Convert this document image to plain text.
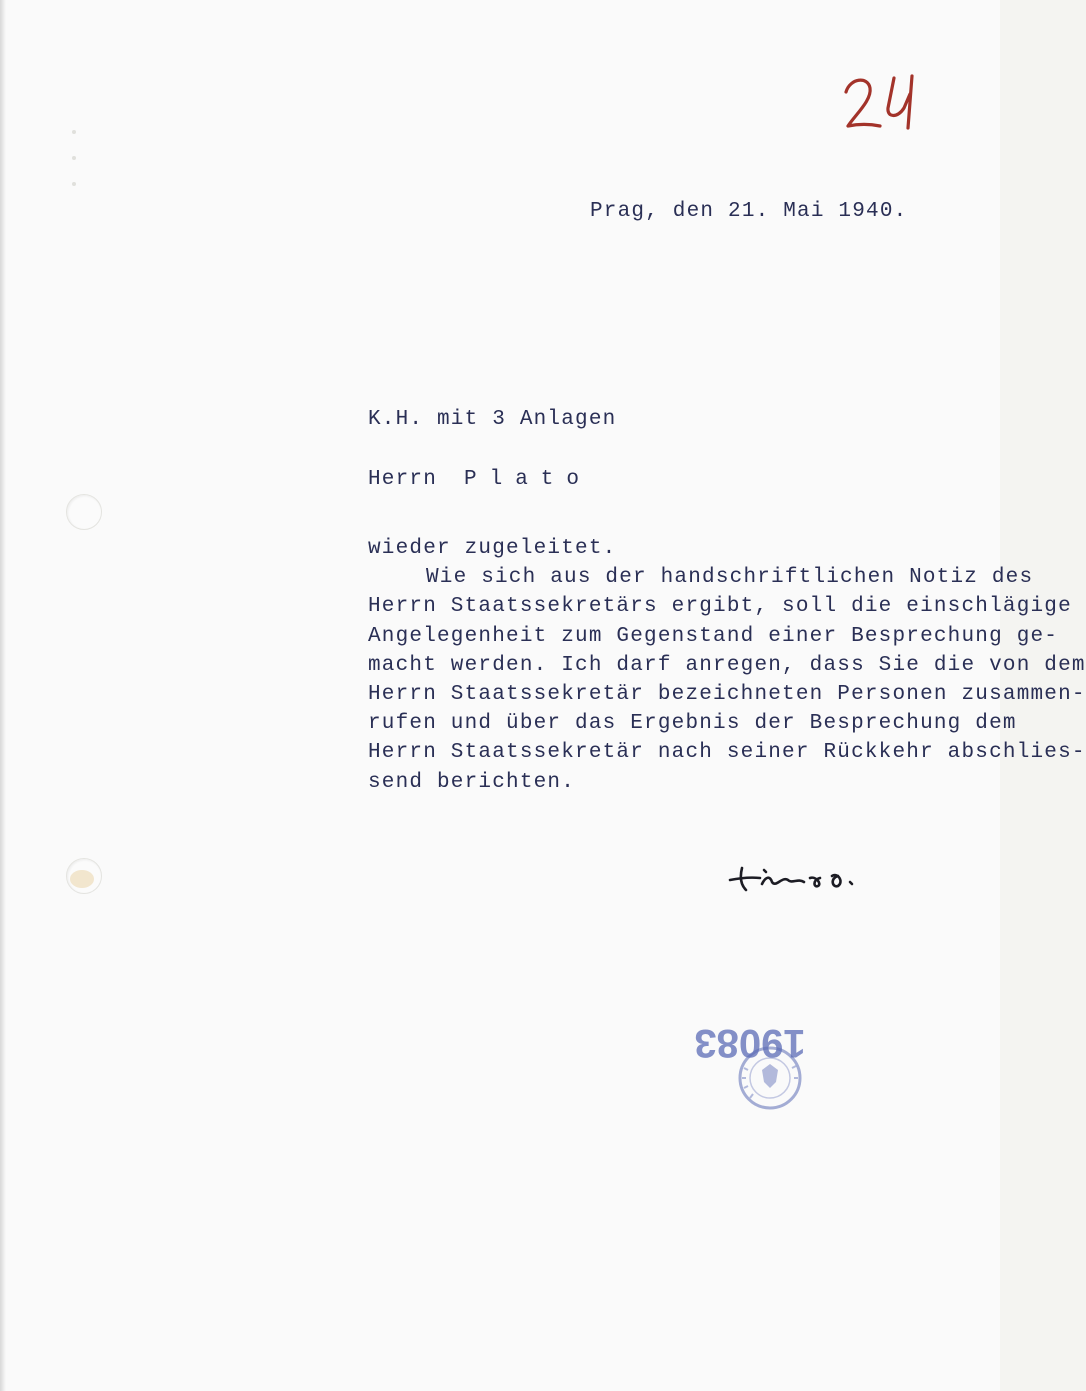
Prag, den 21. Mai 1940.

K.H. mit 3 Anlagen

Herrn Plato

wieder zugeleitet.
Wie sich aus der handschriftlichen Notiz des
Herrn Staatssekretärs ergibt, soll die einschlägige
Angelegenheit zum Gegenstand einer Besprechung ge-
macht werden. Ich darf anregen, dass Sie die von dem
Herrn Staatssekretär bezeichneten Personen zusammen-
rufen und über das Ergebnis der Besprechung dem
Herrn Staatssekretär nach seiner Rückkehr abschlies-
send berichten.
19083
